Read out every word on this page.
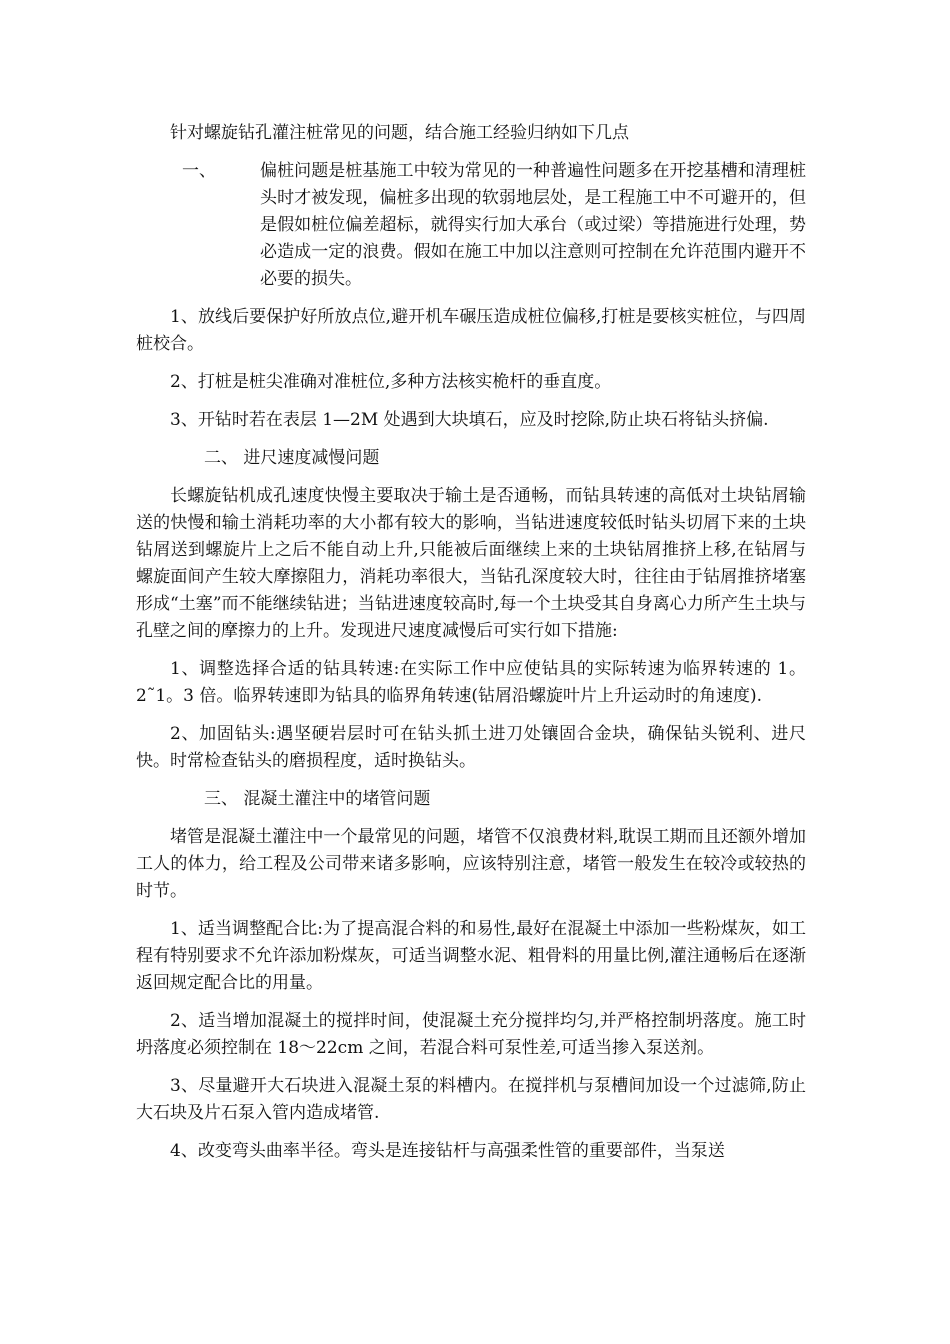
针对螺旋钻孔灌注桩常见的问题，结合施工经验归纳如下几点

一、	偏桩问题是桩基施工中较为常见的一种普遍性问题多在开挖基槽和清理桩头时才被发现，偏桩多出现的软弱地层处，是工程施工中不可避开的，但是假如桩位偏差超标，就得实行加大承台（或过梁）等措施进行处理，势必造成一定的浪费。假如在施工中加以注意则可控制在允许范围内避开不必要的损失。

1、放线后要保护好所放点位,避开机车碾压造成桩位偏移,打桩是要核实桩位，与四周桩校合。

2、打桩是桩尖准确对准桩位,多种方法核实桅杆的垂直度。

3、开钻时若在表层 1—2M 处遇到大块填石，应及时挖除,防止块石将钻头挤偏.

二、 进尺速度减慢问题

长螺旋钻机成孔速度快慢主要取决于输土是否通畅，而钻具转速的高低对土块钻屑输送的快慢和输土消耗功率的大小都有较大的影响，当钻进速度较低时钻头切屑下来的土块钻屑送到螺旋片上之后不能自动上升,只能被后面继续上来的土块钻屑推挤上移,在钻屑与螺旋面间产生较大摩擦阻力，消耗功率很大，当钻孔深度较大时，往往由于钻屑推挤堵塞形成“土塞”而不能继续钻进；当钻进速度较高时,每一个土块受其自身离心力所产生土块与孔壁之间的摩擦力的上升。发现进尺速度减慢后可实行如下措施:

1、调整选择合适的钻具转速:在实际工作中应使钻具的实际转速为临界转速的 1。2˜1。3 倍。临界转速即为钻具的临界角转速(钻屑沿螺旋叶片上升运动时的角速度).

2、加固钻头:遇坚硬岩层时可在钻头抓土进刀处镶固合金块，确保钻头锐利、进尺快。时常检查钻头的磨损程度，适时换钻头。

三、 混凝土灌注中的堵管问题

堵管是混凝土灌注中一个最常见的问题，堵管不仅浪费材料,耽误工期而且还额外增加工人的体力，给工程及公司带来诸多影响，应该特别注意，堵管一般发生在较冷或较热的时节。

1、适当调整配合比:为了提高混合料的和易性,最好在混凝土中添加一些粉煤灰，如工程有特别要求不允许添加粉煤灰，可适当调整水泥、粗骨料的用量比例,灌注通畅后在逐渐返回规定配合比的用量。

2、适当增加混凝土的搅拌时间，使混凝土充分搅拌均匀,并严格控制坍落度。施工时坍落度必须控制在 18～22cm 之间，若混合料可泵性差,可适当掺入泵送剂。

3、尽量避开大石块进入混凝土泵的料槽内。在搅拌机与泵槽间加设一个过滤筛,防止大石块及片石泵入管内造成堵管.

4、改变弯头曲率半径。弯头是连接钻杆与高强柔性管的重要部件，当泵送
